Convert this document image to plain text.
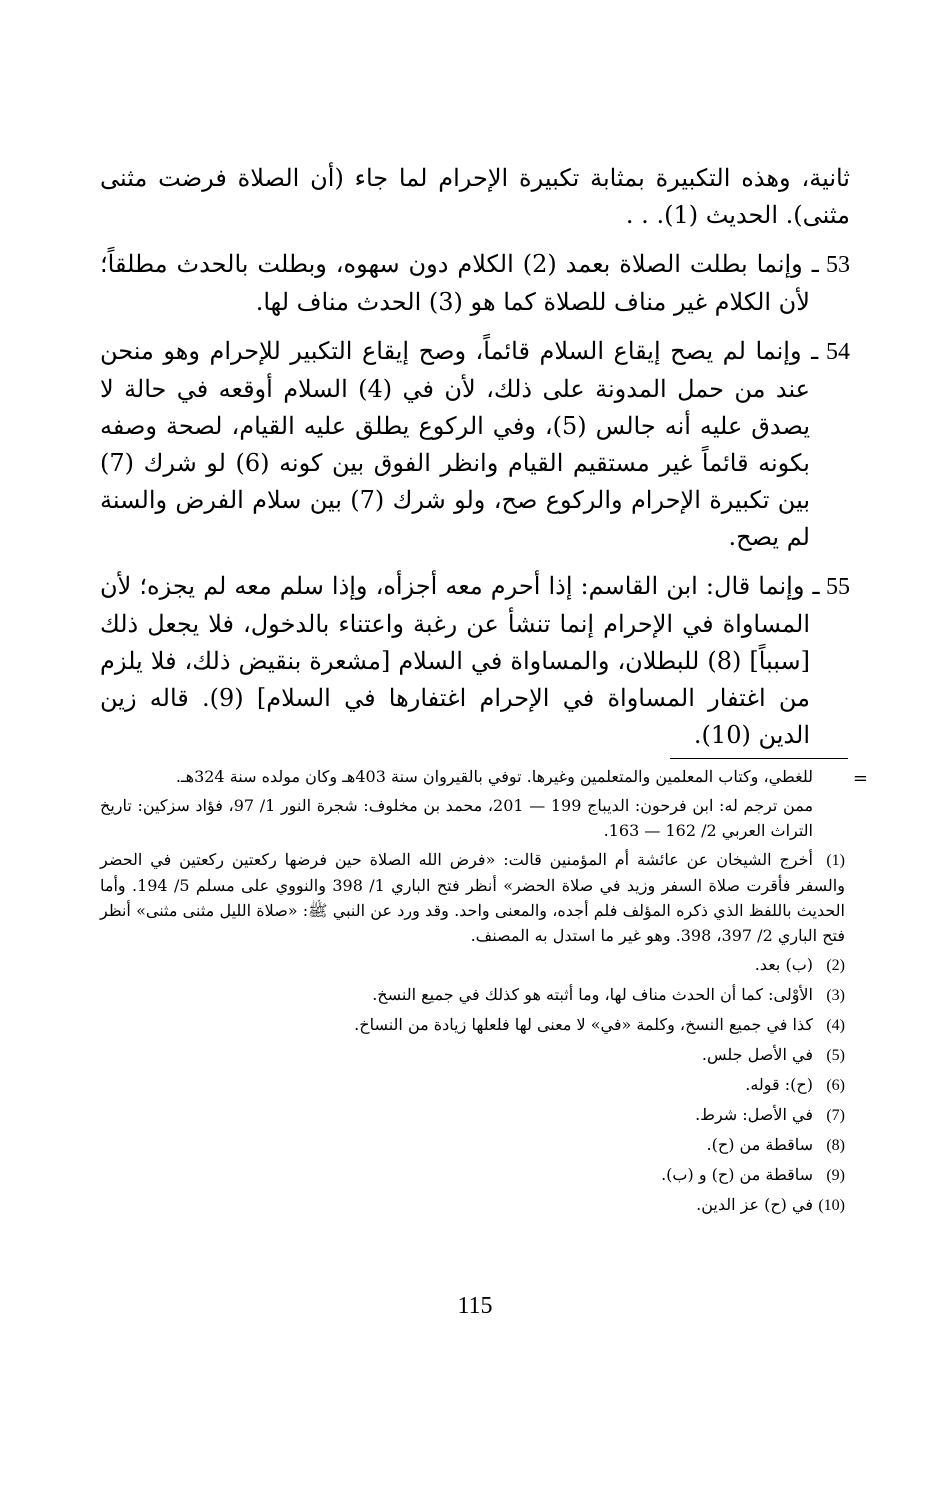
ثانية، وهذه التكبيرة بمثابة تكبيرة الإحرام لما جاء (أن الصلاة فرضت مثنى مثنى). الحديث (1). . .

53 ـ وإنما بطلت الصلاة بعمد (2) الكلام دون سهوه، وبطلت بالحدث مطلقاً؛ لأن الكلام غير مناف للصلاة كما هو (3) الحدث مناف لها.

54 ـ وإنما لم يصح إيقاع السلام قائماً، وصح إيقاع التكبير للإحرام وهو منحن عند من حمل المدونة على ذلك، لأن في (4) السلام أوقعه في حالة لا يصدق عليه أنه جالس (5)، وفي الركوع يطلق عليه القيام، لصحة وصفه بكونه قائماً غير مستقيم القيام وانظر الفوق بين كونه (6) لو شرك (7) بين تكبيرة الإحرام والركوع صح، ولو شرك (7) بين سلام الفرض والسنة لم يصح.

55 ـ وإنما قال: ابن القاسم: إذا أحرم معه أجزأه، وإذا سلم معه لم يجزه؛ لأن المساواة في الإحرام إنما تنشأ عن رغبة واعتناء بالدخول، فلا يجعل ذلك [سبباً] (8) للبطلان، والمساواة في السلام [مشعرة بنقيض ذلك، فلا يلزم من اغتفار المساواة في الإحرام اغتفارها في السلام] (9). قاله زين الدين (10).

=
للغطي، وكتاب المعلمين والمتعلمين وغيرها. توفي بالقيروان سنة 403هـ وكان مولده سنة 324هـ.
ممن ترجم له: ابن فرحون: الديباج 199 — 201، محمد بن مخلوف: شجرة النور 1/ 97، فؤاد سزكين: تاريخ التراث العربي 2/ 162 — 163.
(1)أخرج الشيخان عن عائشة أم المؤمنين قالت: «فرض الله الصلاة حين فرضها ركعتين ركعتين في الحضر والسفر فأقرت صلاة السفر وزيد في صلاة الحضر» أنظر فتح الباري 1/ 398 والنووي على مسلم 5/ 194. وأما الحديث باللفظ الذي ذكره المؤلف فلم أجده، والمعنى واحد. وقد ورد عن النبي ﷺ: «صلاة الليل مثنى مثنى» أنظر فتح الباري 2/ 397، 398. وهو غير ما استدل به المصنف.
(2)(ب) بعد.
(3)الأوْلى: كما أن الحدث مناف لها، وما أثبته هو كذلك في جميع النسخ.
(4)كذا في جميع النسخ، وكلمة «في» لا معنى لها فلعلها زيادة من النساخ.
(5)في الأصل جلس.
(6)(ح): قوله.
(7)في الأصل: شرط.
(8)ساقطة من (ح).
(9)ساقطة من (ح) و (ب).
(10)في (ح) عز الدين.
115
